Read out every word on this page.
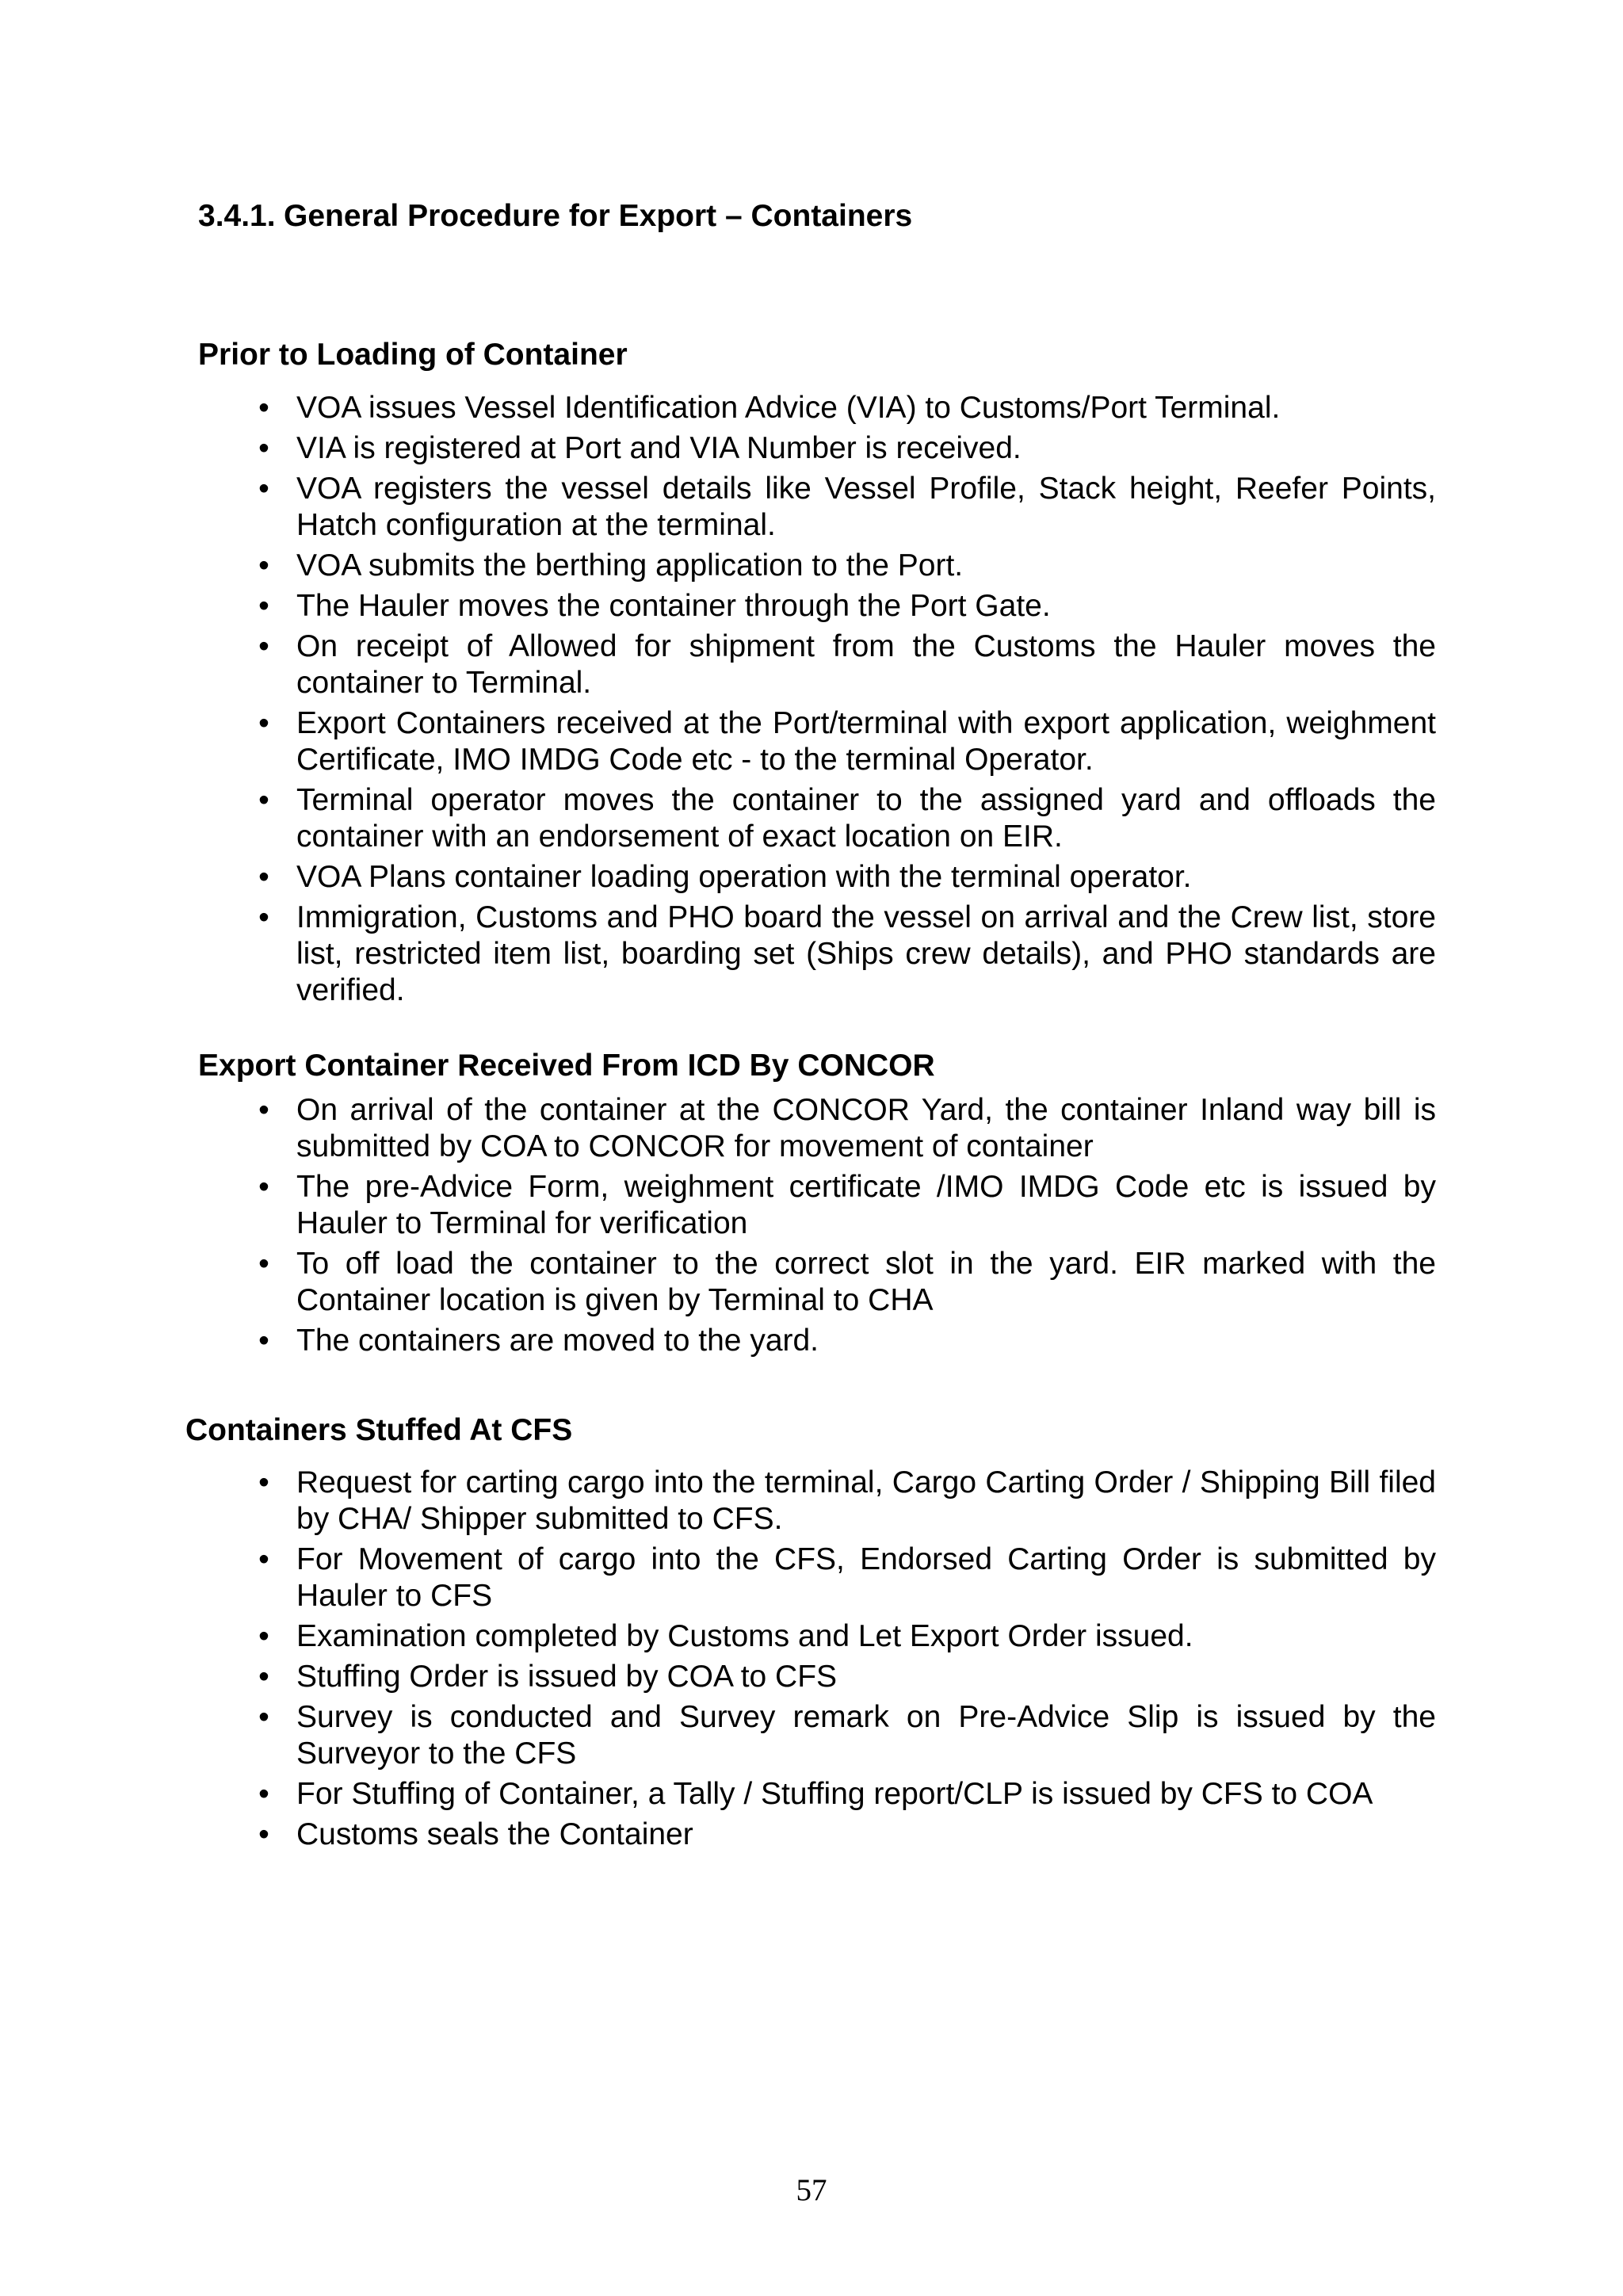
3.4.1. General Procedure for Export – Containers
Prior to Loading of Container
• VOA issues Vessel Identification Advice (VIA) to Customs/Port Terminal.
• VIA is registered at Port and VIA Number is received.
• VOA registers the vessel details like Vessel Profile, Stack height, Reefer Points, Hatch configuration at the terminal.
• VOA submits the berthing application to the Port.
• The Hauler moves the container through the Port Gate.
• On receipt of Allowed for shipment from the Customs the Hauler moves the container to Terminal.
• Export Containers received at the Port/terminal with export application, weighment Certificate, IMO IMDG Code etc - to the terminal Operator.
• Terminal operator moves the container to the assigned yard and offloads the container with an endorsement of exact location on EIR.
• VOA Plans container loading operation with the terminal operator.
• Immigration, Customs and PHO board the vessel on arrival and the Crew list, store list, restricted item list, boarding set (Ships crew details), and PHO standards are verified.
Export Container Received From ICD By CONCOR
• On arrival of the container at the CONCOR Yard, the container Inland way bill is submitted by COA to CONCOR for movement of container
• The pre-Advice Form, weighment certificate /IMO IMDG Code etc is issued by Hauler to Terminal for verification
• To off load the container to the correct slot in the yard. EIR marked with the Container location is given by Terminal to CHA
• The containers are moved to the yard.
Containers Stuffed At CFS
• Request for carting cargo into the terminal, Cargo Carting Order / Shipping Bill filed by CHA/ Shipper submitted to CFS.
• For Movement of cargo into the CFS, Endorsed Carting Order is submitted by Hauler to CFS
• Examination completed by Customs and Let Export Order issued.
• Stuffing Order is issued by COA to CFS
• Survey is conducted and Survey remark on Pre-Advice Slip is issued by the Surveyor to the CFS
• For Stuffing of Container, a Tally / Stuffing report/CLP is issued by CFS to COA
• Customs seals the Container
57
